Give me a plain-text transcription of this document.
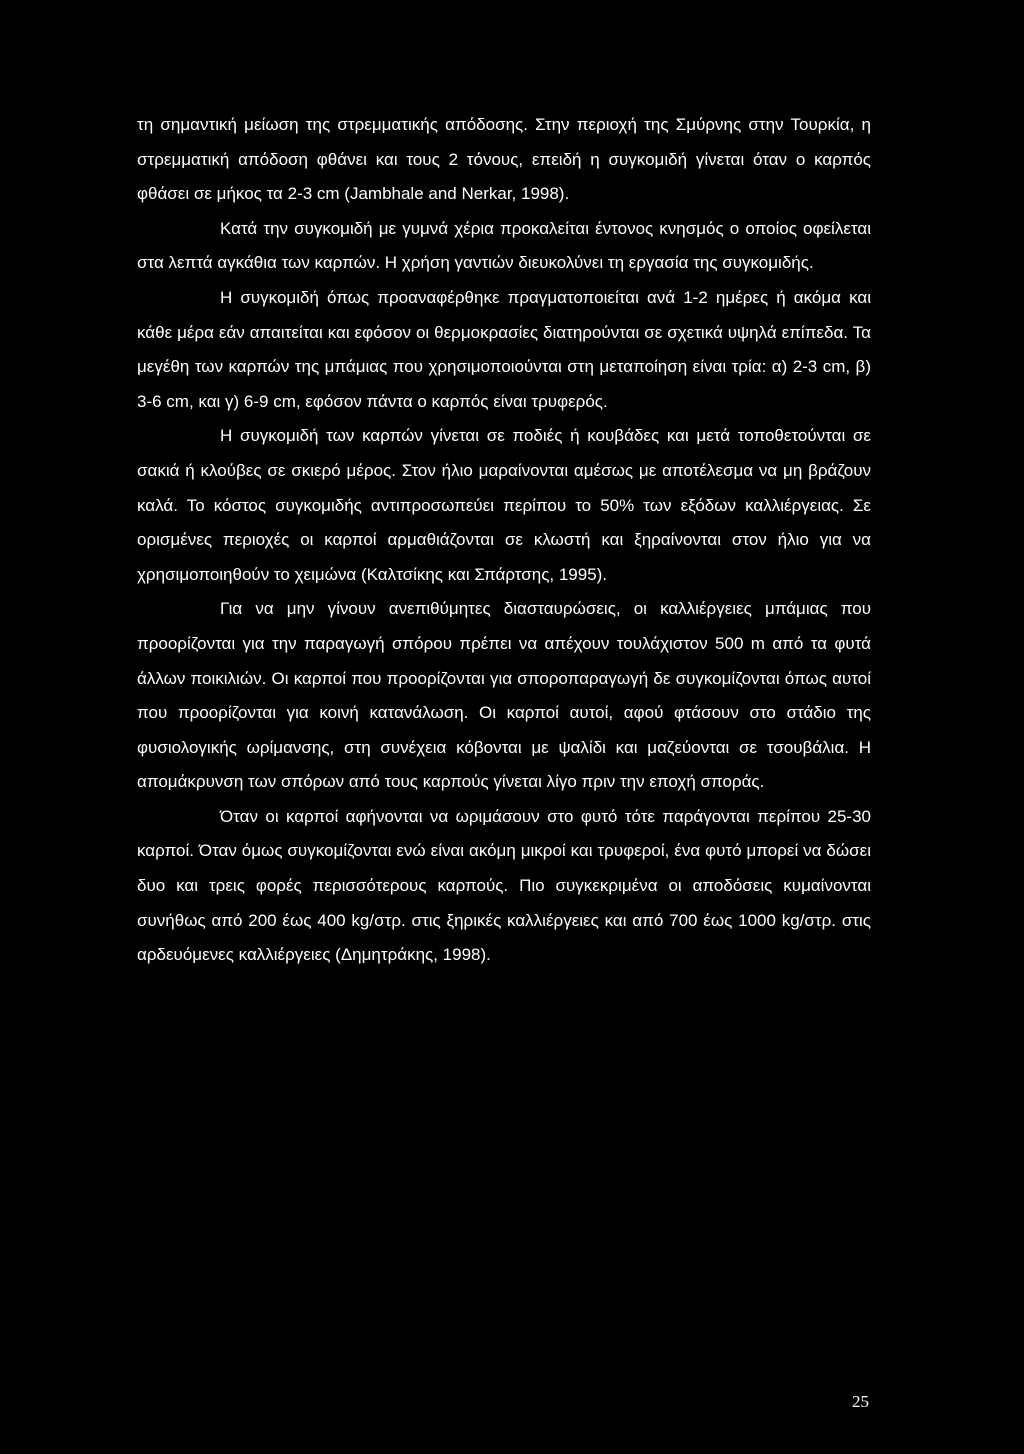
τη σημαντική μείωση της στρεμματικής απόδοσης. Στην περιοχή της Σμύρνης στην Τουρκία, η στρεμματική απόδοση φθάνει και τους 2 τόνους, επειδή η συγκομιδή γίνεται όταν ο καρπός φθάσει σε μήκος τα 2-3 cm (Jambhale and Nerkar, 1998).

Κατά την συγκομιδή με γυμνά χέρια προκαλείται έντονος κνησμός ο οποίος οφείλεται στα λεπτά αγκάθια των καρπών. Η χρήση γαντιών διευκολύνει τη εργασία της συγκομιδής.

Η συγκομιδή όπως προαναφέρθηκε πραγματοποιείται ανά 1-2 ημέρες ή ακόμα και κάθε μέρα εάν απαιτείται και εφόσον οι θερμοκρασίες διατηρούνται σε σχετικά υψηλά επίπεδα. Τα μεγέθη των καρπών της μπάμιας που χρησιμοποιούνται στη μεταποίηση είναι τρία: α) 2-3 cm, β) 3-6 cm, και γ) 6-9 cm, εφόσον πάντα ο καρπός είναι τρυφερός.

Η συγκομιδή των καρπών γίνεται σε ποδιές ή κουβάδες και μετά τοποθετούνται σε σακιά ή κλούβες σε σκιερό μέρος. Στον ήλιο μαραίνονται αμέσως με αποτέλεσμα να μη βράζουν καλά. Το κόστος συγκομιδής αντιπροσωπεύει περίπου το 50% των εξόδων καλλιέργειας. Σε ορισμένες περιοχές οι καρποί αρμαθιάζονται σε κλωστή και ξηραίνονται στον ήλιο για να χρησιμοποιηθούν το χειμώνα (Καλτσίκης και Σπάρτσης, 1995).

Για να μην γίνουν ανεπιθύμητες διασταυρώσεις, οι καλλιέργειες μπάμιας που προορίζονται για την παραγωγή σπόρου πρέπει να απέχουν τουλάχιστον 500 m από τα φυτά άλλων ποικιλιών. Οι καρποί που προορίζονται για σποροπαραγωγή δε συγκομίζονται όπως αυτοί που προορίζονται για κοινή κατανάλωση. Οι καρποί αυτοί, αφού φτάσουν στο στάδιο της φυσιολογικής ωρίμανσης, στη συνέχεια κόβονται με ψαλίδι και μαζεύονται σε τσουβάλια. Η απομάκρυνση των σπόρων από τους καρπούς γίνεται λίγο πριν την εποχή σποράς.

Όταν οι καρποί αφήνονται να ωριμάσουν στο φυτό τότε παράγονται περίπου 25-30 καρποί. Όταν όμως συγκομίζονται ενώ είναι ακόμη μικροί και τρυφεροί, ένα φυτό μπορεί να δώσει δυο και τρεις φορές περισσότερους καρπούς. Πιο συγκεκριμένα οι αποδόσεις κυμαίνονται συνήθως από 200 έως 400 kg/στρ. στις ξηρικές καλλιέργειες και από 700 έως 1000 kg/στρ. στις αρδευόμενες καλλιέργειες (Δημητράκης, 1998).

25
